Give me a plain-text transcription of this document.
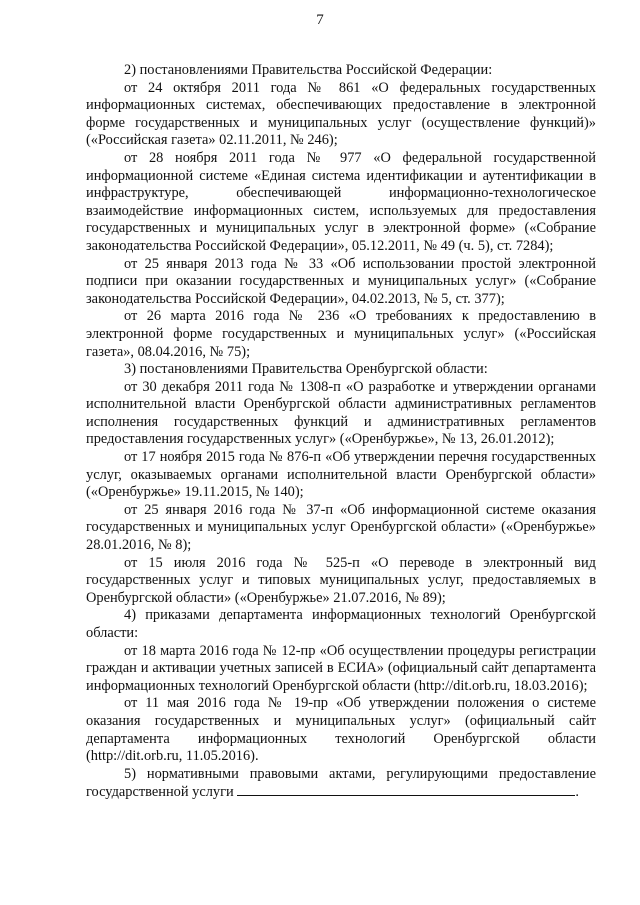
7

2) постановлениями Правительства Российской Федерации:

от 24 октября 2011 года № 861 «О федеральных государственных информационных системах, обеспечивающих предоставление в электронной форме государственных и муниципальных услуг (осуществление функций)» («Российская газета» 02.11.2011, № 246);

от 28 ноября 2011 года № 977 «О федеральной государственной информационной системе «Единая система идентификации и аутентификации в инфраструктуре, обеспечивающей информационно-технологическое взаимодействие информационных систем, используемых для предоставления государственных и муниципальных услуг в электронной форме» («Собрание законодательства Российской Федерации», 05.12.2011, № 49 (ч. 5), ст. 7284);

от 25 января 2013 года № 33 «Об использовании простой электронной подписи при оказании государственных и муниципальных услуг» («Собрание законодательства Российской Федерации», 04.02.2013, № 5, ст. 377);

от 26 марта 2016 года № 236 «О требованиях к предоставлению в электронной форме государственных и муниципальных услуг» («Российская газета», 08.04.2016, № 75);

3) постановлениями Правительства Оренбургской области:

от 30 декабря 2011 года № 1308-п «О разработке и утверждении органами исполнительной власти Оренбургской области административных регламентов исполнения государственных функций и административных регламентов предоставления государственных услуг» («Оренбуржье», № 13, 26.01.2012);

от 17 ноября 2015 года № 876-п «Об утверждении перечня государственных услуг, оказываемых органами исполнительной власти Оренбургской области» («Оренбуржье» 19.11.2015, № 140);

от 25 января 2016 года № 37-п «Об информационной системе оказания государственных и муниципальных услуг Оренбургской области» («Оренбуржье» 28.01.2016, № 8);

от 15 июля 2016 года № 525-п «О переводе в электронный вид государственных услуг и типовых муниципальных услуг, предоставляемых в Оренбургской области» («Оренбуржье» 21.07.2016, № 89);

4) приказами департамента информационных технологий Оренбургской области:

от 18 марта 2016 года № 12-пр «Об осуществлении процедуры регистрации граждан и активации учетных записей в ЕСИА» (официальный сайт департамента информационных технологий Оренбургской области (http://dit.orb.ru, 18.03.2016);

от 11 мая 2016 года № 19-пр «Об утверждении положения о системе оказания государственных и муниципальных услуг» (официальный сайт департамента информационных технологий Оренбургской области (http://dit.orb.ru, 11.05.2016).

5) нормативными правовыми актами, регулирующими предоставление государственной услуги	.
